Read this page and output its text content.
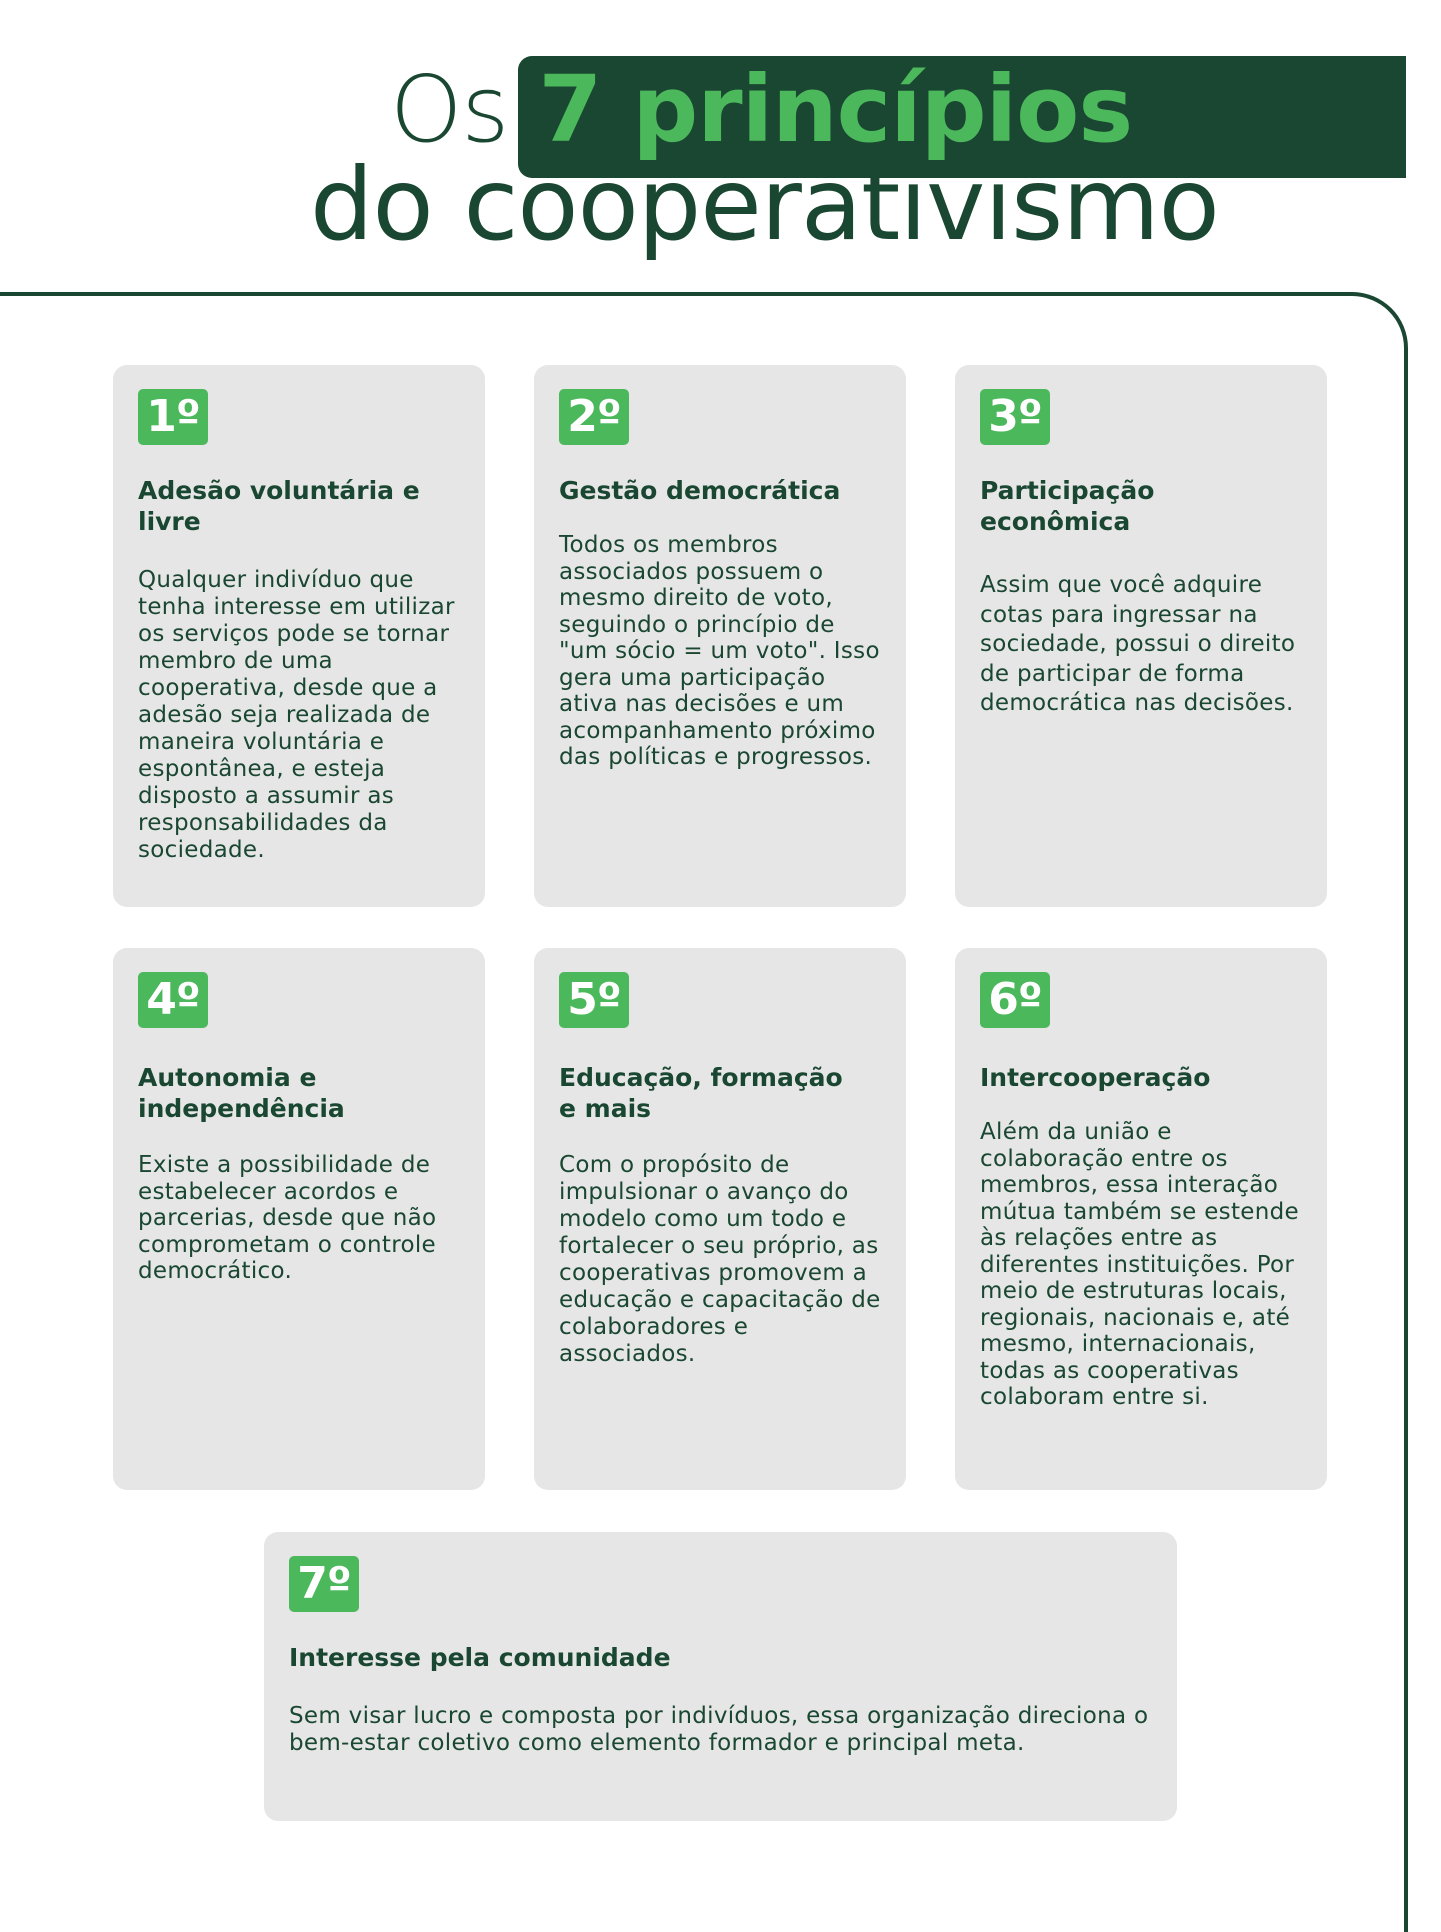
Os 7 princípios
do cooperativismo
1º
Adesão voluntária e livre
Qualquer indivíduo que tenha interesse em utilizar os serviços pode se tornar membro de uma cooperativa, desde que a adesão seja realizada de maneira voluntária e espontânea, e esteja disposto a assumir as responsabilidades da sociedade.
2º
Gestão democrática
Todos os membros associados possuem o mesmo direito de voto, seguindo o princípio de "um sócio = um voto". Isso gera uma participação ativa nas decisões e um acompanhamento próximo das políticas e progressos.
3º
Participação econômica
Assim que você adquire cotas para ingressar na sociedade, possui o direito de participar de forma democrática nas decisões.
4º
Autonomia e independência
Existe a possibilidade de estabelecer acordos e parcerias, desde que não comprometam o controle democrático.
5º
Educação, formação e mais
Com o propósito de impulsionar o avanço do modelo como um todo e fortalecer o seu próprio, as cooperativas promovem a educação e capacitação de colaboradores e associados.
6º
Intercooperação
Além da união e colaboração entre os membros, essa interação mútua também se estende às relações entre as diferentes instituições. Por meio de estruturas locais, regionais, nacionais e, até mesmo, internacionais, todas as cooperativas colaboram entre si.
7º
Interesse pela comunidade
Sem visar lucro e composta por indivíduos, essa organização direciona o bem-estar coletivo como elemento formador e principal meta.
